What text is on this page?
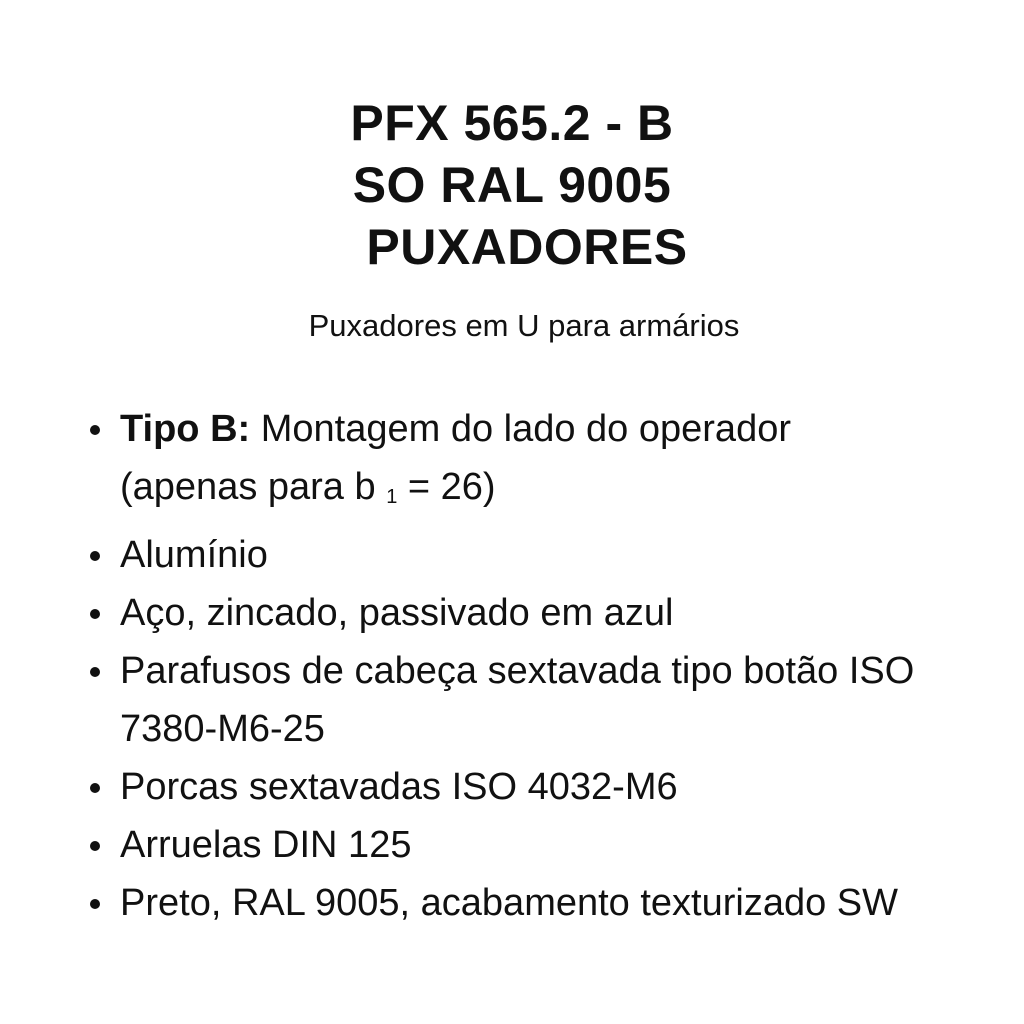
PFX 565.2 - B
SO RAL 9005
PUXADORES
Puxadores em U para armários
Tipo B: Montagem do lado do operador
(apenas para b $_1$ = 26)
Alumínio
Aço, zincado, passivado em azul
Parafusos de cabeça sextavada tipo botão ISO 7380-M6-25
Porcas sextavadas ISO 4032-M6
Arruelas DIN 125
Preto, RAL 9005, acabamento texturizado SW
